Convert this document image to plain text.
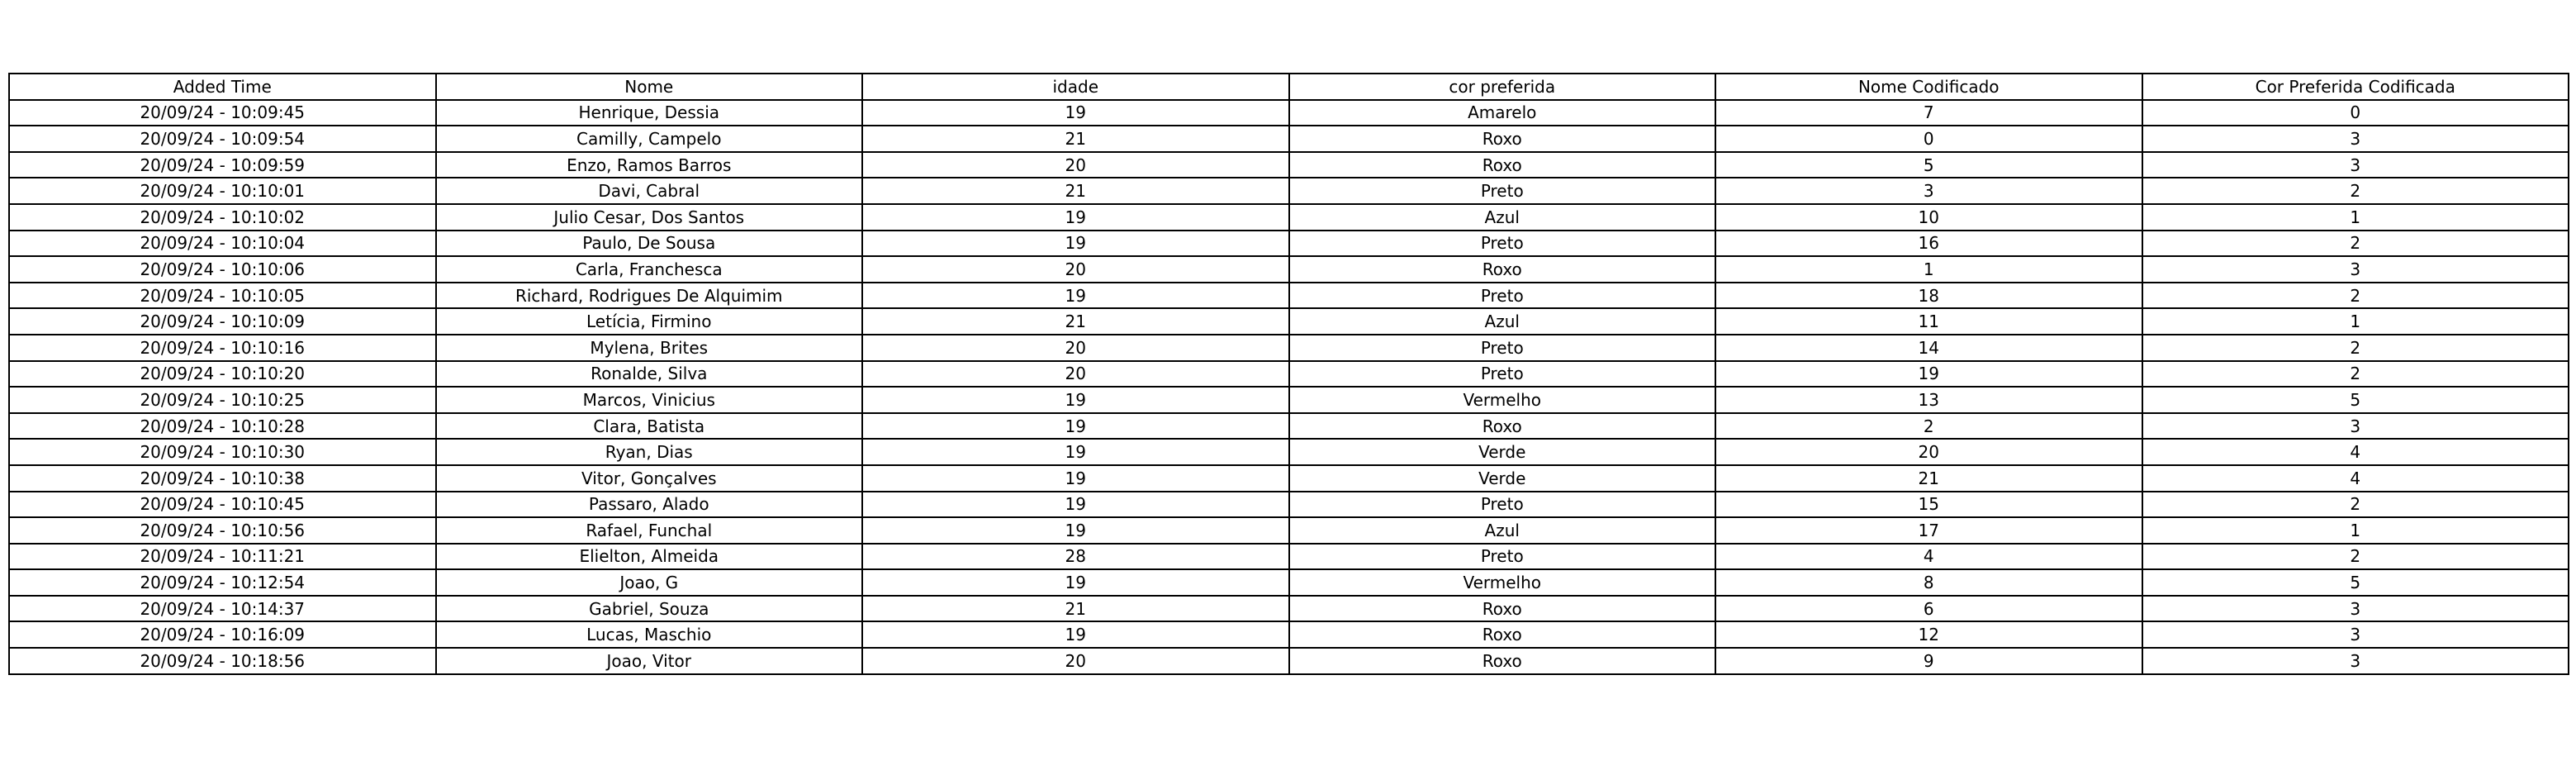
Added Time	Nome	idade	cor preferida	Nome Codificado	Cor Preferida Codificada
20/09/24 - 10:09:45	Henrique, Dessia	19	Amarelo	7	0
20/09/24 - 10:09:54	Camilly, Campelo	21	Roxo	0	3
20/09/24 - 10:09:59	Enzo, Ramos Barros	20	Roxo	5	3
20/09/24 - 10:10:01	Davi, Cabral	21	Preto	3	2
20/09/24 - 10:10:02	Julio Cesar, Dos Santos	19	Azul	10	1
20/09/24 - 10:10:04	Paulo, De Sousa	19	Preto	16	2
20/09/24 - 10:10:06	Carla, Franchesca	20	Roxo	1	3
20/09/24 - 10:10:05	Richard, Rodrigues De Alquimim	19	Preto	18	2
20/09/24 - 10:10:09	Letícia, Firmino	21	Azul	11	1
20/09/24 - 10:10:16	Mylena, Brites	20	Preto	14	2
20/09/24 - 10:10:20	Ronalde, Silva	20	Preto	19	2
20/09/24 - 10:10:25	Marcos, Vinicius	19	Vermelho	13	5
20/09/24 - 10:10:28	Clara, Batista	19	Roxo	2	3
20/09/24 - 10:10:30	Ryan, Dias	19	Verde	20	4
20/09/24 - 10:10:38	Vitor, Gonçalves	19	Verde	21	4
20/09/24 - 10:10:45	Passaro, Alado	19	Preto	15	2
20/09/24 - 10:10:56	Rafael, Funchal	19	Azul	17	1
20/09/24 - 10:11:21	Elielton, Almeida	28	Preto	4	2
20/09/24 - 10:12:54	Joao, G	19	Vermelho	8	5
20/09/24 - 10:14:37	Gabriel, Souza	21	Roxo	6	3
20/09/24 - 10:16:09	Lucas, Maschio	19	Roxo	12	3
20/09/24 - 10:18:56	Joao, Vitor	20	Roxo	9	3
